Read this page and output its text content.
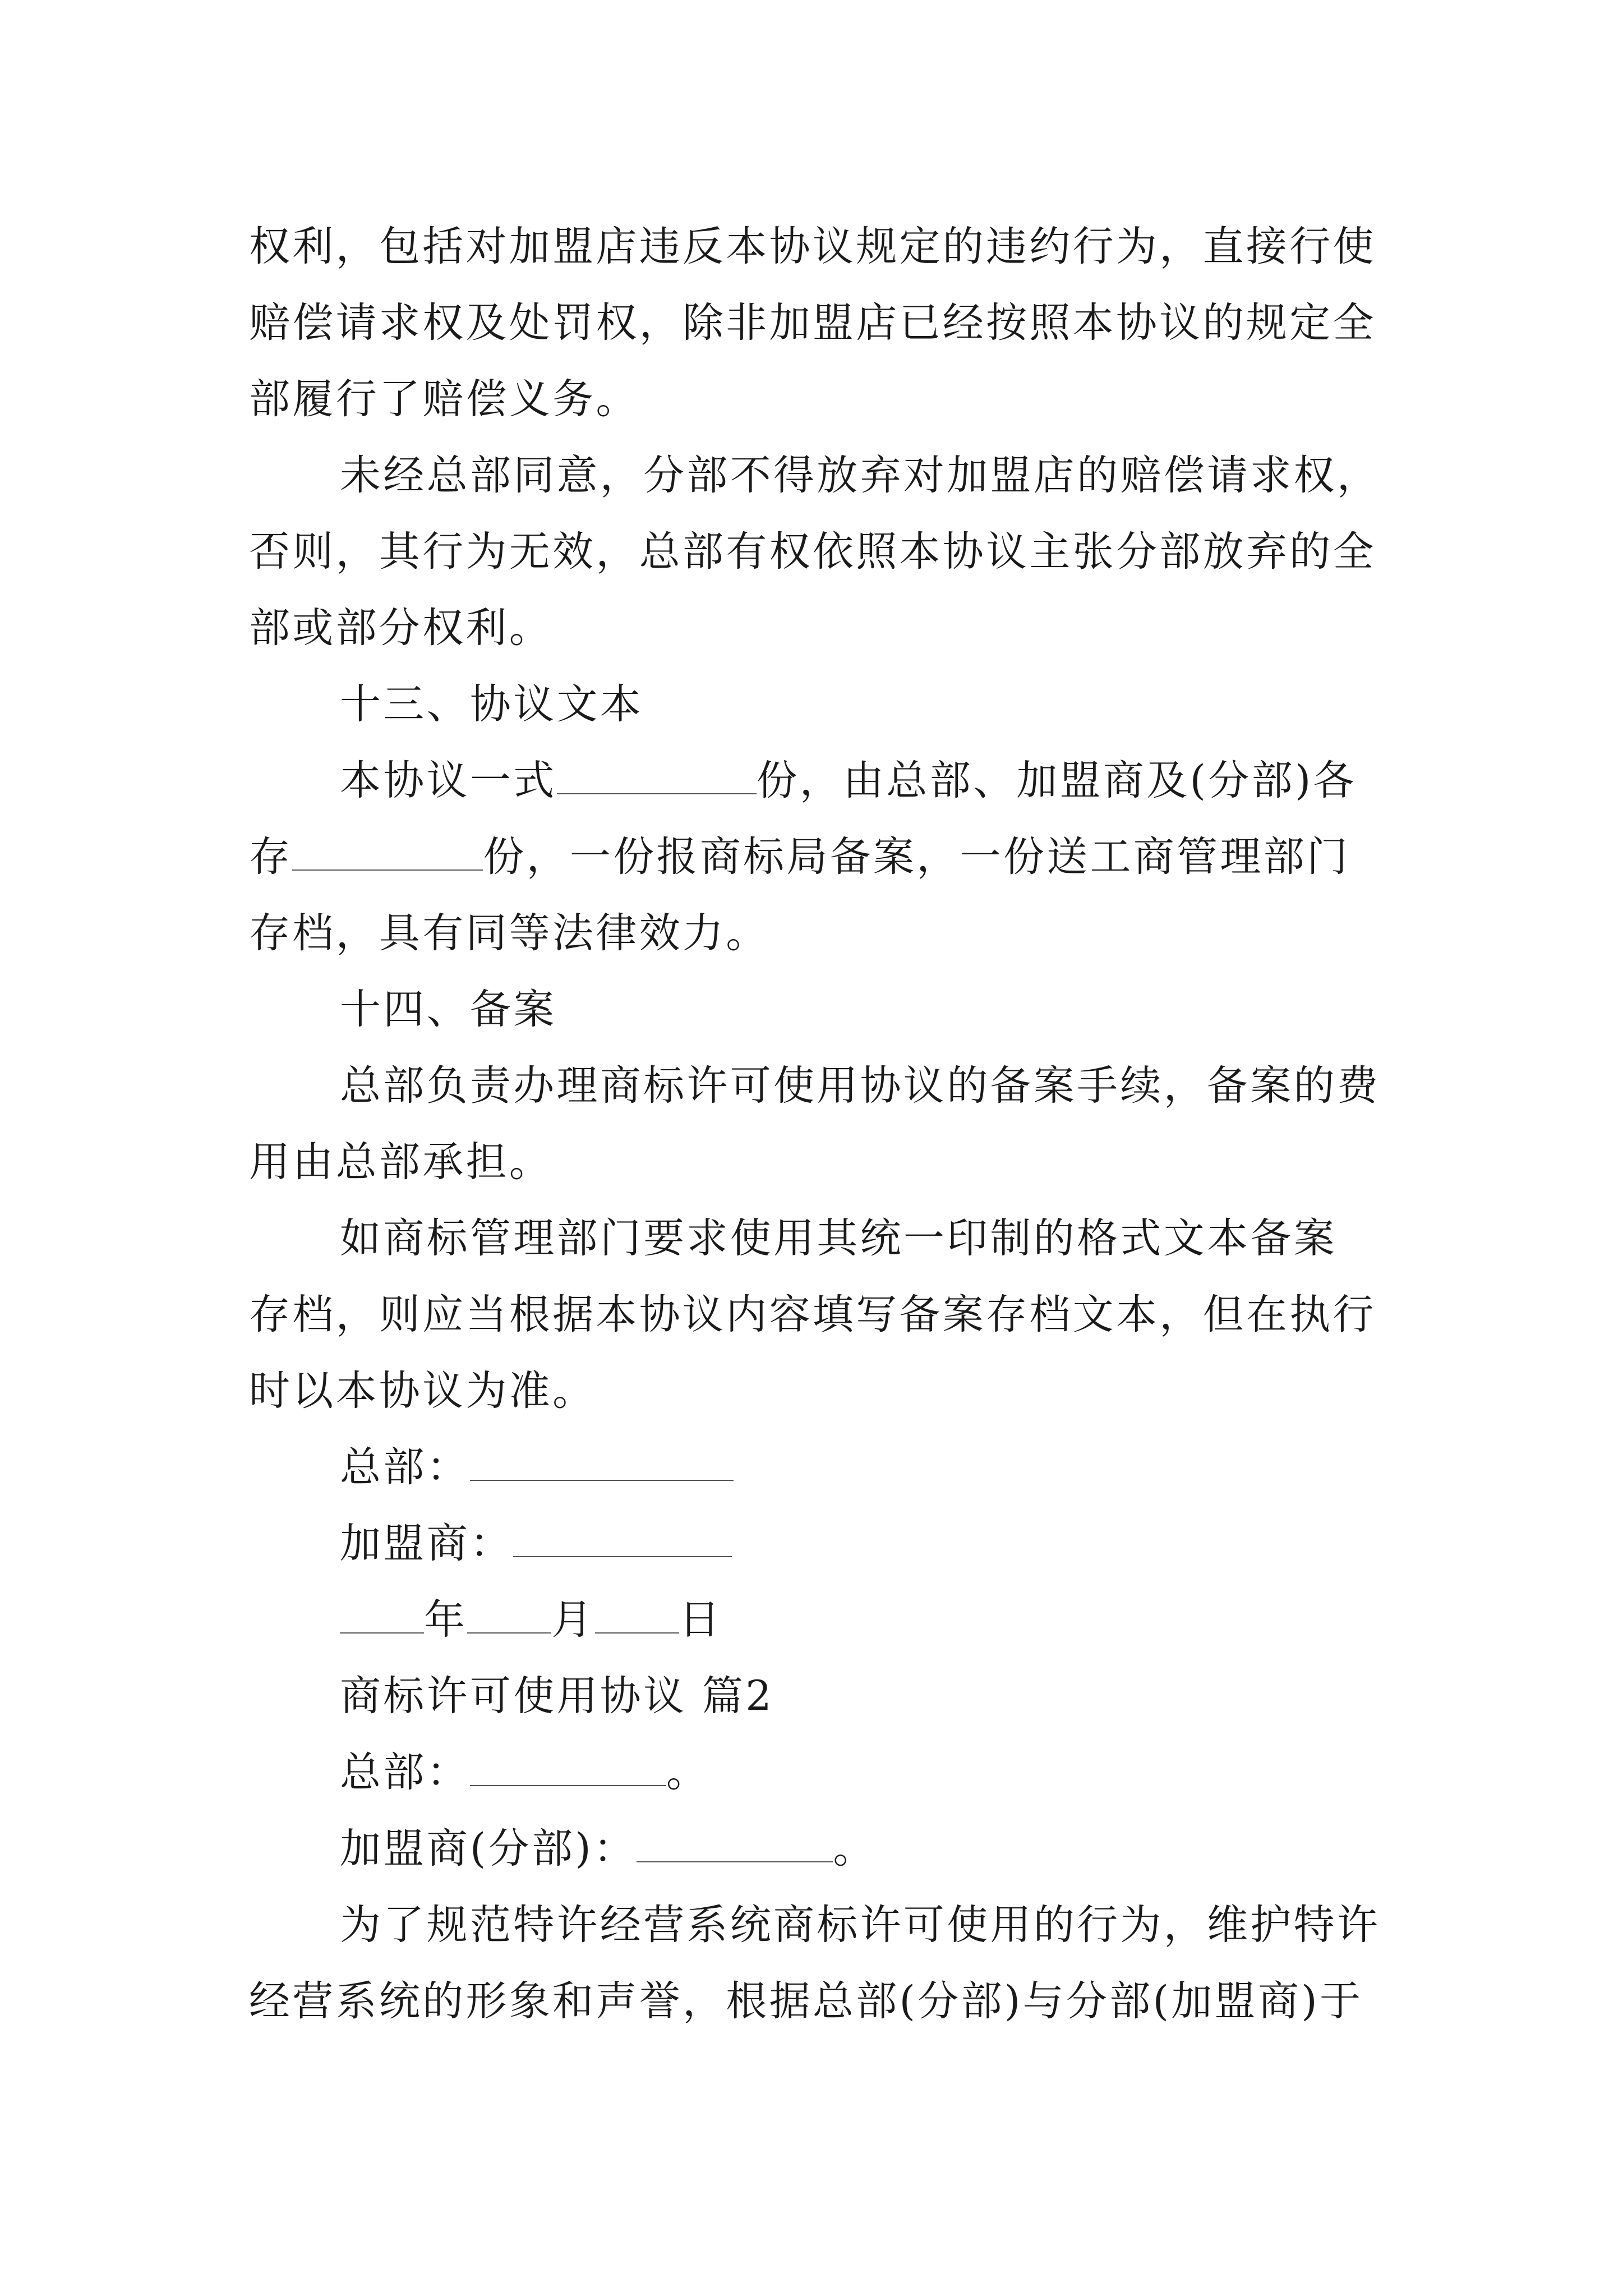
权利，包括对加盟店违反本协议规定的违约行为，直接行使
赔偿请求权及处罚权，除非加盟店已经按照本协议的规定全
部履行了赔偿义务。
未经总部同意，分部不得放弃对加盟店的赔偿请求权，
否则，其行为无效，总部有权依照本协议主张分部放弃的全
部或部分权利。
十三、协议文本
本协议一式	份，由总部、加盟商及(分部)各
存	份，一份报商标局备案，一份送工商管理部门
存档，具有同等法律效力。
十四、备案
总部负责办理商标许可使用协议的备案手续，备案的费
用由总部承担。
如商标管理部门要求使用其统一印制的格式文本备案
存档，则应当根据本协议内容填写备案存档文本，但在执行
时以本协议为准。
总部：
加盟商：
年 月 日
商标许可使用协议 篇2
总部：	。
加盟商(分部)：	。
为了规范特许经营系统商标许可使用的行为，维护特许
经营系统的形象和声誉，根据总部(分部)与分部(加盟商)于
